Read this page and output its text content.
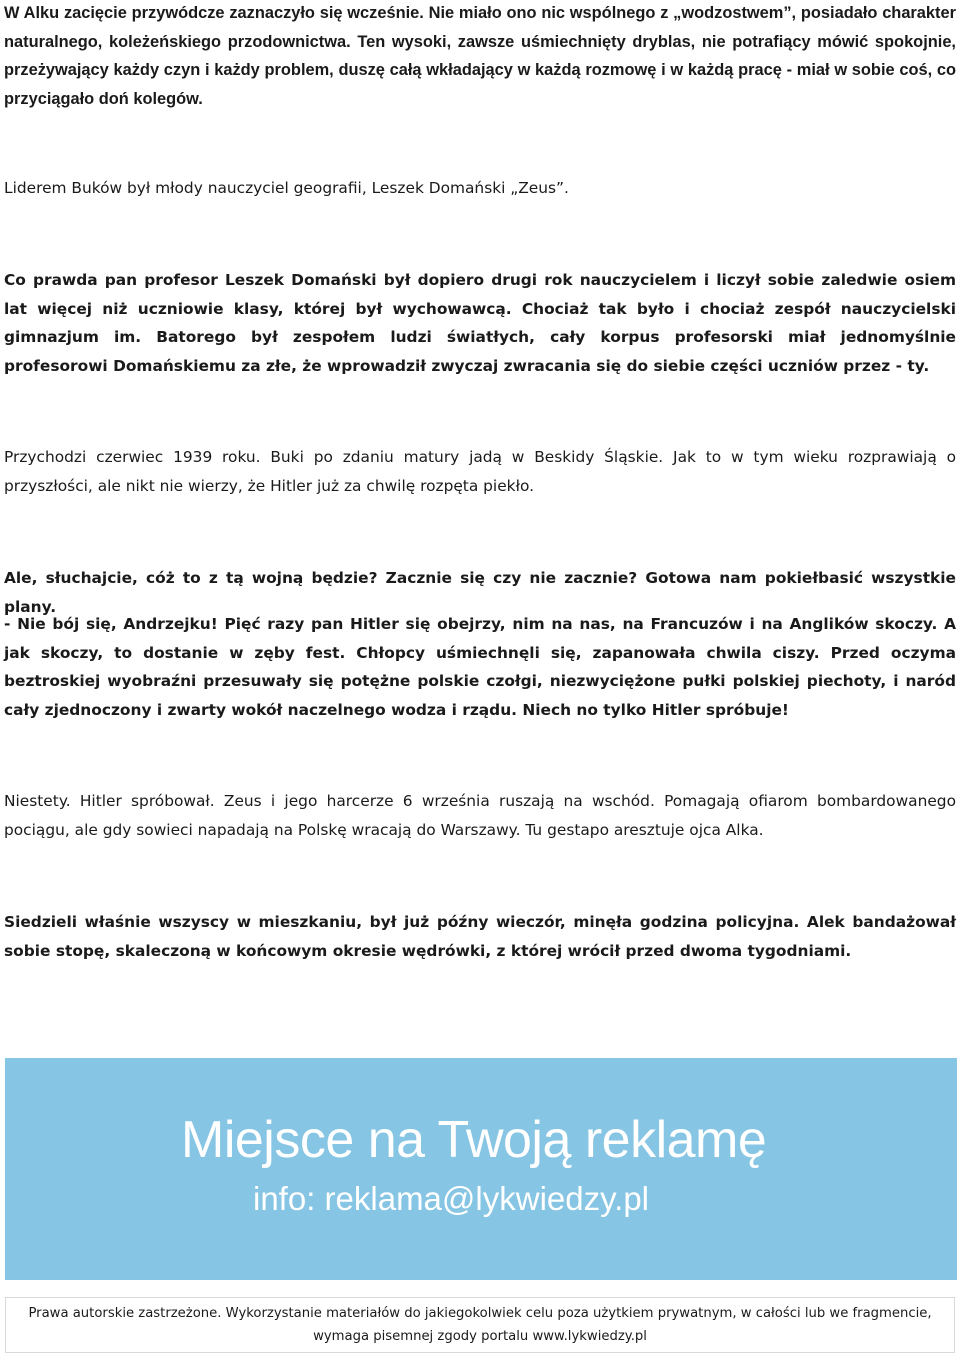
W Alku zacięcie przywódcze zaznaczyło się wcześnie. Nie miało ono nic wspólnego z „wodzostwem”, posiadało charakter naturalnego, koleżeńskiego przodownictwa. Ten wysoki, zawsze uśmiechnięty dryblas, nie potrafiący mówić spokojnie, przeżywający każdy czyn i każdy problem, duszę całą wkładający w każdą rozmowę i w każdą pracę - miał w sobie coś, co przyciągało doń kolegów.

Liderem Buków był młody nauczyciel geografii, Leszek Domański „Zeus”.

Co prawda pan profesor Leszek Domański był dopiero drugi rok nauczycielem i liczył sobie zaledwie osiem lat więcej niż uczniowie klasy, której był wychowawcą. Chociaż tak było i chociaż zespół nauczycielski gimnazjum im. Batorego był zespołem ludzi światłych, cały korpus profesorski miał jednomyślnie profesorowi Domańskiemu za złe, że wprowadził zwyczaj zwracania się do siebie części uczniów przez - ty.

Przychodzi czerwiec 1939 roku. Buki po zdaniu matury jadą w Beskidy Śląskie. Jak to w tym wieku rozprawiają o przyszłości, ale nikt nie wierzy, że Hitler już za chwilę rozpęta piekło.

Ale, słuchajcie, cóż to z tą wojną będzie? Zacznie się czy nie zacznie? Gotowa nam pokiełbasić wszystkie plany.

- Nie bój się, Andrzejku! Pięć razy pan Hitler się obejrzy, nim na nas, na Francuzów i na Anglików skoczy. A jak skoczy, to dostanie w zęby fest. Chłopcy uśmiechnęli się, zapanowała chwila ciszy. Przed oczyma beztroskiej wyobraźni przesuwały się potężne polskie czołgi, niezwyciężone pułki polskiej piechoty, i naród cały zjednoczony i zwarty wokół naczelnego wodza i rządu. Niech no tylko Hitler spróbuje!

Niestety. Hitler spróbował. Zeus i jego harcerze 6 września ruszają na wschód. Pomagają ofiarom bombardowanego pociągu, ale gdy sowieci napadają na Polskę wracają do Warszawy. Tu gestapo aresztuje ojca Alka.

Siedzieli właśnie wszyscy w mieszkaniu, był już późny wieczór, minęła godzina policyjna. Alek bandażował sobie stopę, skaleczoną w końcowym okresie wędrówki, z której wrócił przed dwoma tygodniami.

Miejsce na Twoją reklamę
info: reklama@lykwiedzy.pl
Prawa autorskie zastrzeżone. Wykorzystanie materiałów do jakiegokolwiek celu poza użytkiem prywatnym, w całości lub we fragmencie,
wymaga pisemnej zgody portalu www.lykwiedzy.pl
